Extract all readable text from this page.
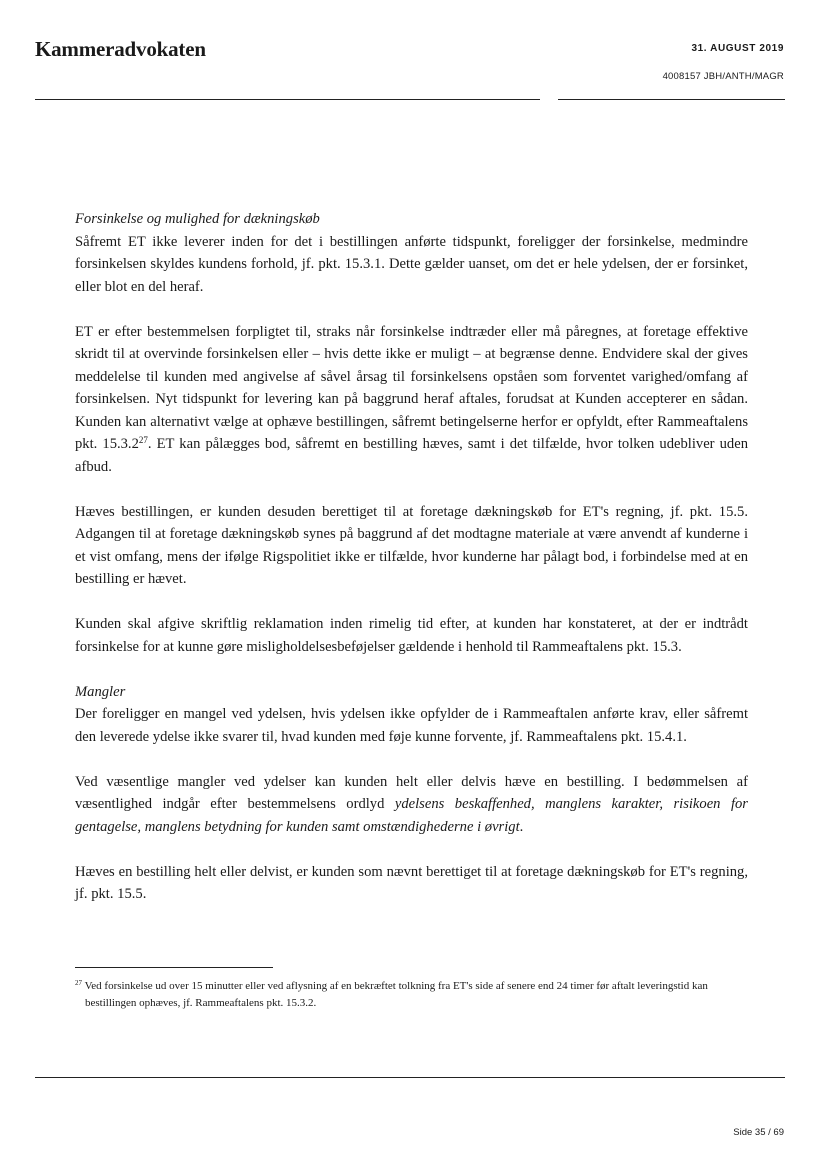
Kammeradvokaten	31. AUGUST 2019
4008157 JBH/ANTH/MAGR
Forsinkelse og mulighed for dækningskøb

Såfremt ET ikke leverer inden for det i bestillingen anførte tidspunkt, foreligger der forsinkelse, medmindre forsinkelsen skyldes kundens forhold, jf. pkt. 15.3.1. Dette gælder uanset, om det er hele ydelsen, der er forsinket, eller blot en del heraf.

ET er efter bestemmelsen forpligtet til, straks når forsinkelse indtræder eller må påregnes, at foretage effektive skridt til at overvinde forsinkelsen eller – hvis dette ikke er muligt – at begrænse denne. Endvidere skal der gives meddelelse til kunden med angivelse af såvel årsag til forsinkelsens opståen som forventet varighed/omfang af forsinkelsen. Nyt tidspunkt for levering kan på baggrund heraf aftales, forudsat at Kunden accepterer en sådan. Kunden kan alternativt vælge at ophæve bestillingen, såfremt betingelserne herfor er opfyldt, efter Rammeaftalens pkt. 15.3.2$^{27}$. ET kan pålægges bod, såfremt en bestilling hæves, samt i det tilfælde, hvor tolken udebliver uden afbud.

Hæves bestillingen, er kunden desuden berettiget til at foretage dækningskøb for ET's regning, jf. pkt. 15.5. Adgangen til at foretage dækningskøb synes på baggrund af det modtagne materiale at være anvendt af kunderne i et vist omfang, mens der ifølge Rigspolitiet ikke er tilfælde, hvor kunderne har pålagt bod, i forbindelse med at en bestilling er hævet.

Kunden skal afgive skriftlig reklamation inden rimelig tid efter, at kunden har konstateret, at der er indtrådt forsinkelse for at kunne gøre misligholdelsesbeføjelser gældende i henhold til Rammeaftalens pkt. 15.3.

Mangler

Der foreligger en mangel ved ydelsen, hvis ydelsen ikke opfylder de i Rammeaftalen anførte krav, eller såfremt den leverede ydelse ikke svarer til, hvad kunden med føje kunne forvente, jf. Rammeaftalens pkt. 15.4.1.

Ved væsentlige mangler ved ydelser kan kunden helt eller delvis hæve en bestilling. I bedømmelsen af væsentlighed indgår efter bestemmelsens ordlyd ydelsens beskaffenhed, manglens karakter, risikoen for gentagelse, manglens betydning for kunden samt omstændighederne i øvrigt.

Hæves en bestilling helt eller delvist, er kunden som nævnt berettiget til at foretage dækningskøb for ET's regning, jf. pkt. 15.5.

$^{27}$ Ved forsinkelse ud over 15 minutter eller ved aflysning af en bekræftet tolkning fra ET's side af senere end 24 timer før aftalt leveringstid kan bestillingen ophæves, jf. Rammeaftalens pkt. 15.3.2.
Side 35 / 69
